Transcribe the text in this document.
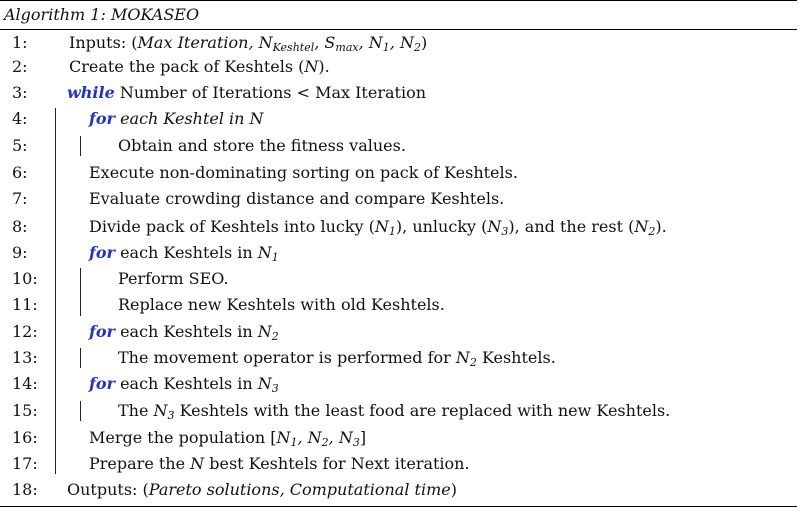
Algorithm 1: MOKASEO
1:	Inputs: (Max Iteration, $N_{Keshtel}$, $S_{max}$, $N_1$, $N_2$)
2:	Create the pack of Keshtels (N).
3:	while Number of Iterations < Max Iteration
4:	for each Keshtel in N
5:	Obtain and store the fitness values.
6:	Execute non-dominating sorting on pack of Keshtels.
7:	Evaluate crowding distance and compare Keshtels.
8:	Divide pack of Keshtels into lucky $(N_1)$, unlucky $(N_3)$, and the rest $(N_2)$.
9:	for each Keshtels in $N_1$
10:	Perform SEO.
11:	Replace new Keshtels with old Keshtels.
12:	for each Keshtels in $N_2$
13:	The movement operator is performed for $N_2$ Keshtels.
14:	for each Keshtels in $N_3$
15:	The $N_3$ Keshtels with the least food are replaced with new Keshtels.
16:	Merge the population [$N_1$, $N_2$, $N_3$]
17:	Prepare the N best Keshtels for Next iteration.
18:	Outputs: (Pareto solutions, Computational time)
